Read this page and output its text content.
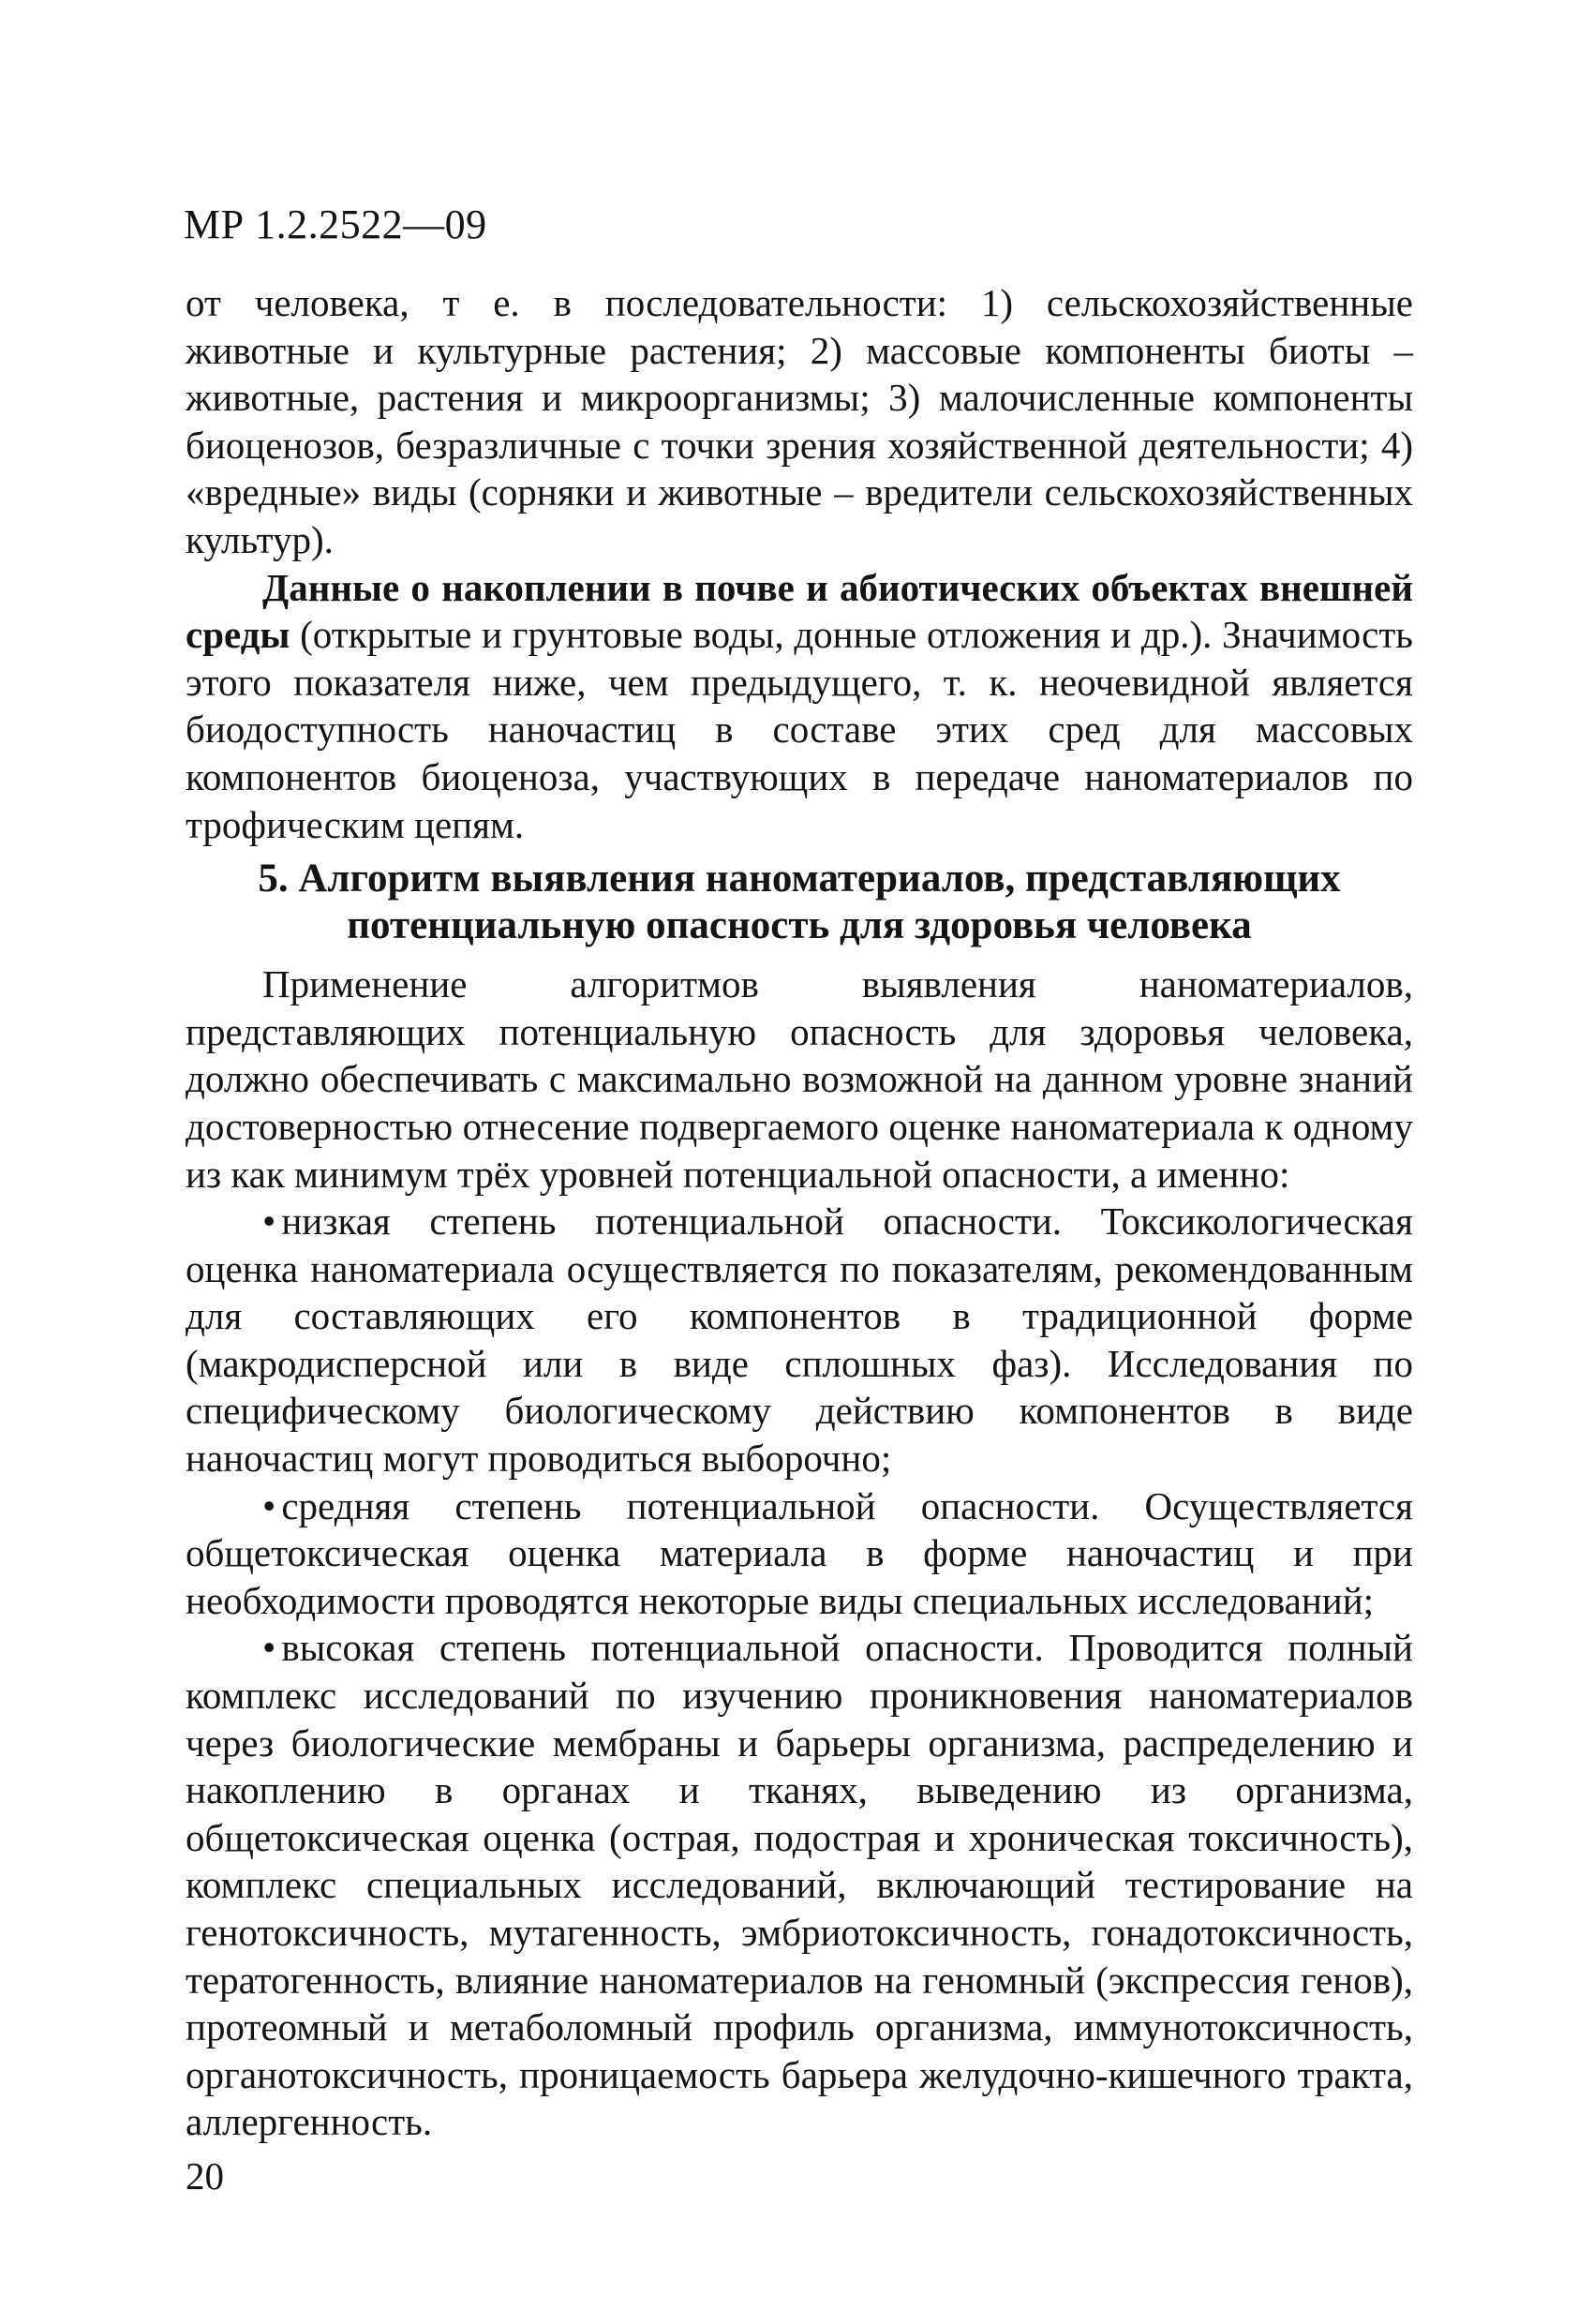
МР 1.2.2522—09

от человека, т е. в последовательности: 1) сельскохозяйственные животные и культурные растения; 2) массовые компоненты биоты – животные, растения и микроорганизмы; 3) малочисленные компоненты биоценозов, безразличные с точки зрения хозяйственной деятельности; 4) «вредные» виды (сорняки и животные – вредители сельскохозяйственных культур).

Данные о накоплении в почве и абиотических объектах внешней среды (открытые и грунтовые воды, донные отложения и др.). Значимость этого показателя ниже, чем предыдущего, т. к. неочевидной является биодоступность наночастиц в составе этих сред для массовых компонентов биоценоза, участвующих в передаче наноматериалов по трофическим цепям.

5. Алгоритм выявления наноматериалов, представляющих потенциальную опасность для здоровья человека

Применение алгоритмов выявления наноматериалов, представляющих потенциальную опасность для здоровья человека, должно обеспечивать с максимально возможной на данном уровне знаний достоверностью отнесение подвергаемого оценке наноматериала к одному из как минимум трёх уровней потенциальной опасности, а именно:

• низкая степень потенциальной опасности. Токсикологическая оценка наноматериала осуществляется по показателям, рекомендованным для составляющих его компонентов в традиционной форме (макродисперсной или в виде сплошных фаз). Исследования по специфическому биологическому действию компонентов в виде наночастиц могут проводиться выборочно;

• средняя степень потенциальной опасности. Осуществляется общетоксическая оценка материала в форме наночастиц и при необходимости проводятся некоторые виды специальных исследований;

• высокая степень потенциальной опасности. Проводится полный комплекс исследований по изучению проникновения наноматериалов через биологические мембраны и барьеры организма, распределению и накоплению в органах и тканях, выведению из организма, общетоксическая оценка (острая, подострая и хроническая токсичность), комплекс специальных исследований, включающий тестирование на генотоксичность, мутагенность, эмбриотоксичность, гонадотоксичность, тератогенность, влияние наноматериалов на геномный (экспрессия генов), протеомный и метаболомный профиль организма, иммунотоксичность, органотоксичность, проницаемость барьера желудочно-кишечного тракта, аллергенность.

20
